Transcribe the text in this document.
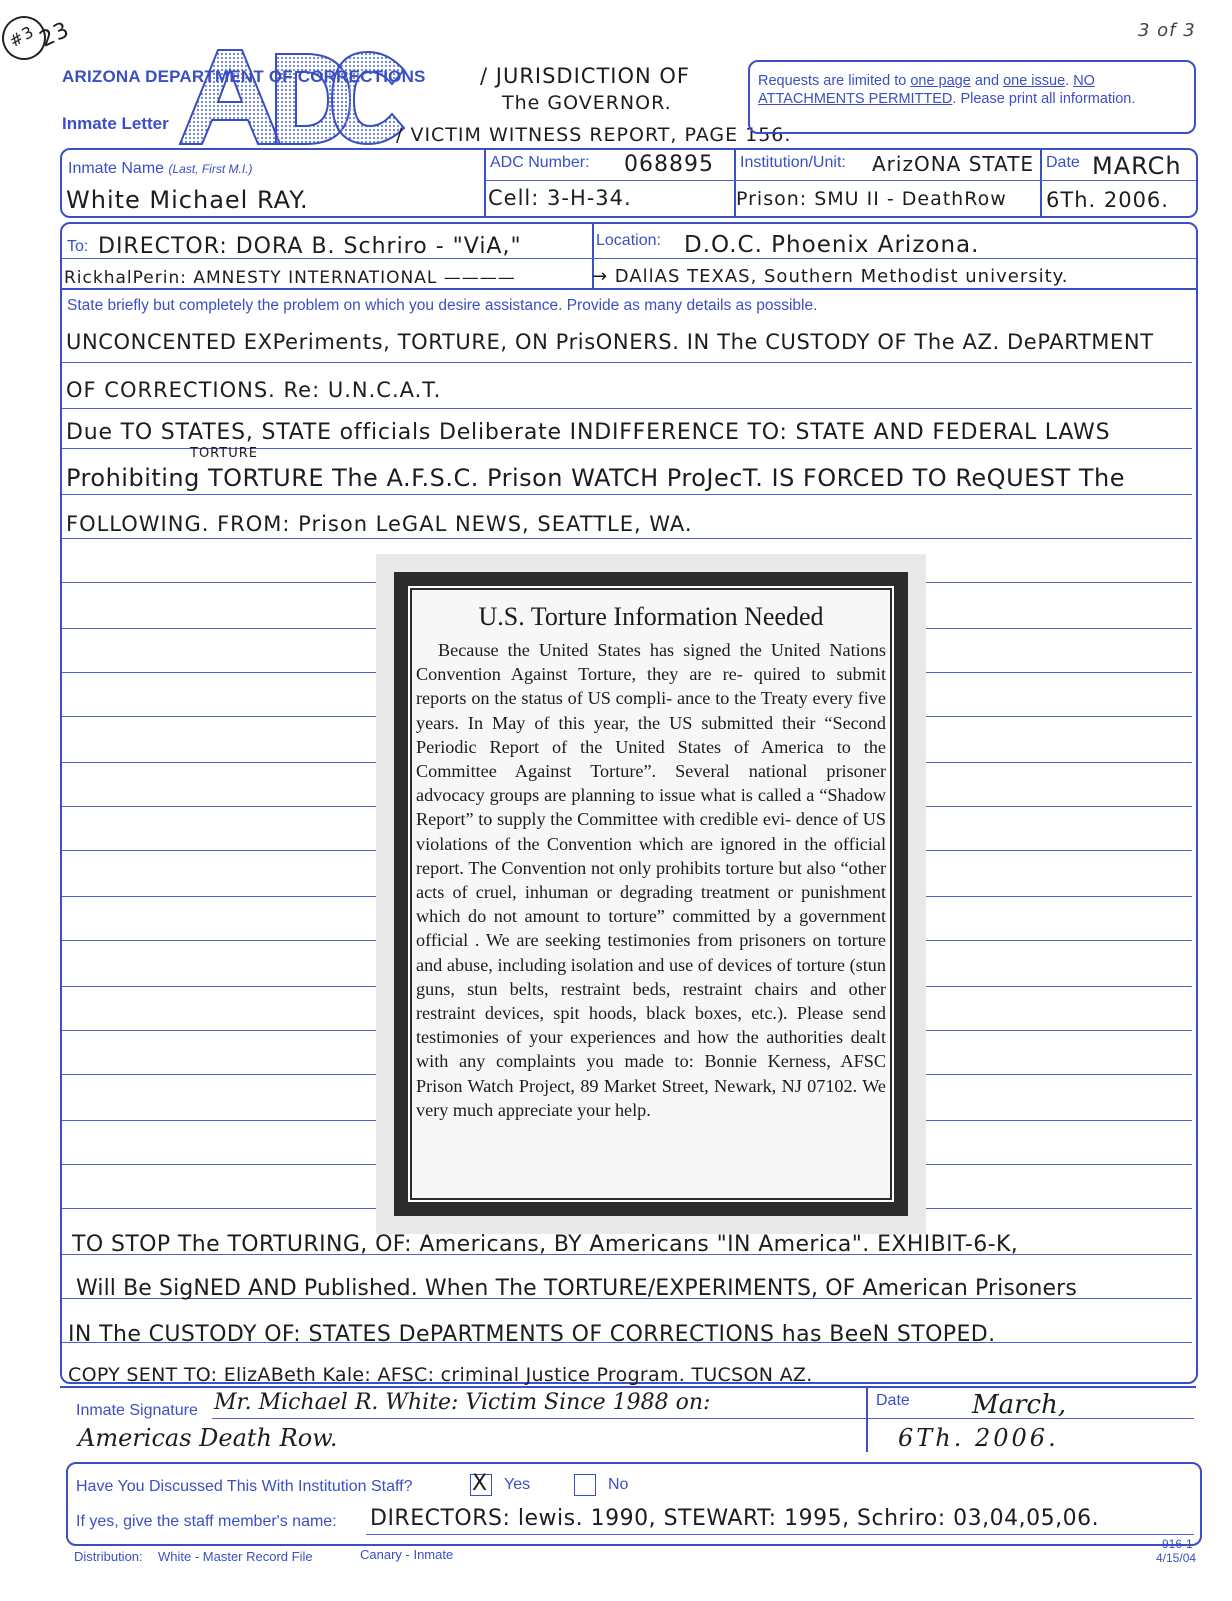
3 of 3
#3
23
ARIZONA DEPARTMENT OF CORRECTIONS
Inmate Letter
/ JURISDICTION OF
The GOVERNOR.
/ VICTIM WITNESS REPORT, PAGE 156.
Requests are limited to one page and one issue. NO
ATTACHMENTS PERMITTED. Please print all information.
Inmate Name (Last, First M.I.)
White Michael RAY.
ADC Number: 068895
Cell: 3-H-34.
Institution/Unit: ArizONA STATE
Prison: SMU II - DeathRow
Date MARCh
6Th. 2006.
To: DIRECTOR: DORA B. Schriro - "ViA,"
RickhalPerin: AMNESTY INTERNATIONAL ————
Location: D.O.C. Phoenix Arizona.
→ DAllAS TEXAS, Southern Methodist university.
State briefly but completely the problem on which you desire assistance. Provide as many details as possible.
UNCONCENTED EXPeriments, TORTURE, ON PrisONERS. IN The CUSTODY OF The AZ. DePARTMENT
OF CORRECTIONS. Re: U.N.C.A.T.
Due TO STATES, STATE officials Deliberate INDIFFERENCE TO: STATE AND FEDERAL LAWS
TORTURE
Prohibiting TORTURE The A.F.S.C. Prison WATCH ProJecT. IS FORCED TO ReQUEST The
FOLLOWING. FROM: Prison LeGAL NEWS, SEATTLE, WA.
U.S. Torture Information Needed
Because the United States has signed the United Nations Convention Against Torture, they are re- quired to submit reports on the status of US compli- ance to the Treaty every five years. In May of this year, the US submitted their “Second Periodic Report of the United States of America to the Committee Against Torture”. Several national prisoner advocacy groups are planning to issue what is called a “Shadow Report” to supply the Committee with credible evi- dence of US violations of the Convention which are ignored in the official report. The Convention not only prohibits torture but also “other acts of cruel, inhuman or degrading treatment or punishment which do not amount to torture” committed by a government official . We are seeking testimonies from prisoners on torture and abuse, including isolation and use of devices of torture (stun guns, stun belts, restraint beds, restraint chairs and other restraint devices, spit hoods, black boxes, etc.). Please send testimonies of your experiences and how the authorities dealt with any complaints you made to: Bonnie Kerness, AFSC Prison Watch Project, 89 Market Street, Newark, NJ 07102. We very much appreciate your help.
TO STOP The TORTURING, OF: Americans, BY Americans "IN America". EXHIBIT-6-K,
Will Be SigNED AND Published. When The TORTURE/EXPERIMENTS, OF American Prisoners
IN The CUSTODY OF: STATES DePARTMENTS OF CORRECTIONS has BeeN STOPED.
COPY SENT TO: ElizABeth Kale: AFSC: criminal Justice Program. TUCSON AZ.
Inmate Signature Mr. Michael R. White: Victim Since 1988 on:
Americas Death Row.
Date March,
6Th. 2006.
Have You Discussed This With Institution Staff?	X Yes	No
If yes, give the staff member's name: DIRECTORS: lewis. 1990, STEWART: 1995, Schriro: 03,04,05,06.
Distribution: White - Master Record File	Canary - Inmate
916-1
4/15/04
